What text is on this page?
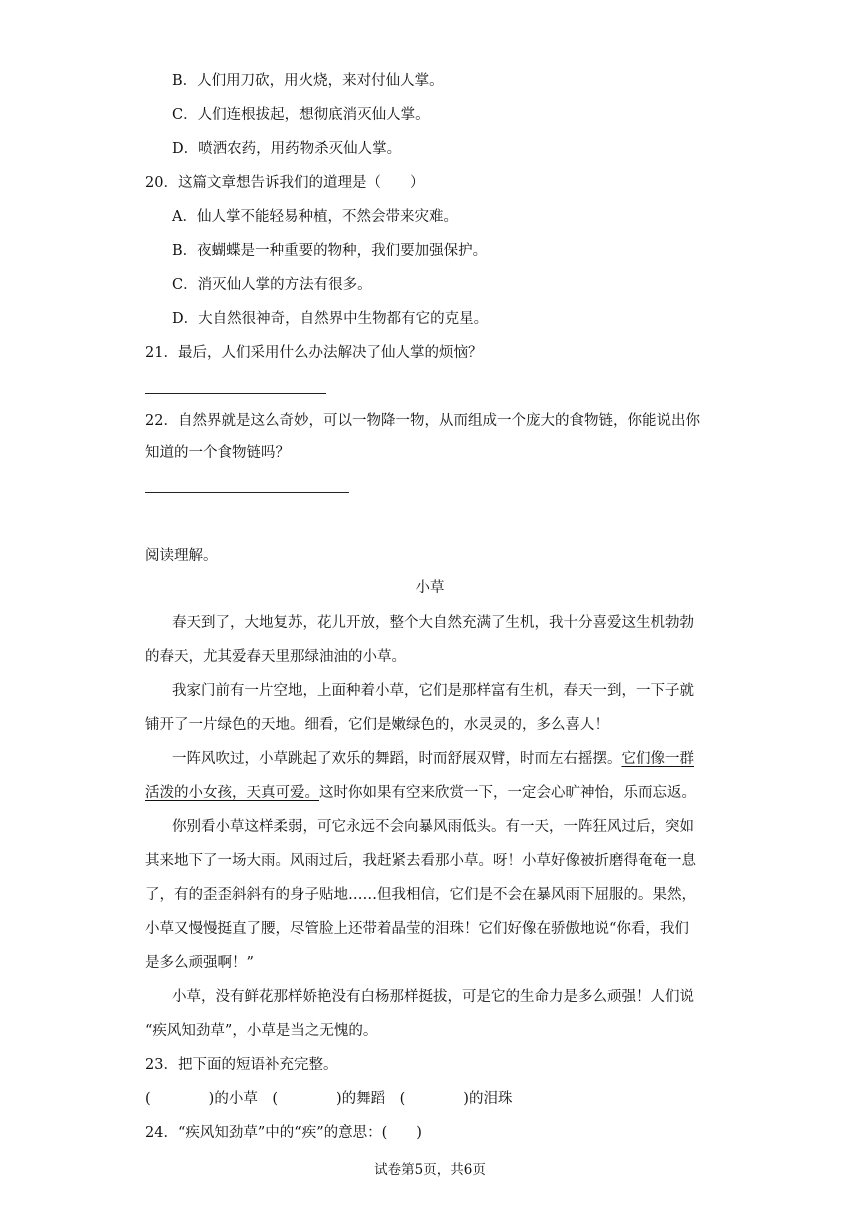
B．人们用刀砍，用火烧，来对付仙人掌。
C．人们连根拔起，想彻底消灭仙人掌。
D．喷洒农药，用药物杀灭仙人掌。
20．这篇文章想告诉我们的道理是（　　）
A．仙人掌不能轻易种植，不然会带来灾难。
B．夜蝴蝶是一种重要的物种，我们要加强保护。
C．消灭仙人掌的方法有很多。
D．大自然很神奇，自然界中生物都有它的克星。
21．最后，人们采用什么办法解决了仙人掌的烦恼？
22．自然界就是这么奇妙，可以一物降一物，从而组成一个庞大的食物链，你能说出你
知道的一个食物链吗？
阅读理解。
小草
春天到了，大地复苏，花儿开放，整个大自然充满了生机，我十分喜爱这生机勃勃
的春天，尤其爱春天里那绿油油的小草。
我家门前有一片空地，上面种着小草，它们是那样富有生机，春天一到，一下子就
铺开了一片绿色的天地。细看，它们是嫩绿色的，水灵灵的，多么喜人！
一阵风吹过，小草跳起了欢乐的舞蹈，时而舒展双臂，时而左右摇摆。它们像一群
活泼的小女孩，天真可爱。这时你如果有空来欣赏一下，一定会心旷神怡，乐而忘返。
你别看小草这样柔弱，可它永远不会向暴风雨低头。有一天，一阵狂风过后，突如
其来地下了一场大雨。风雨过后，我赶紧去看那小草。呀！小草好像被折磨得奄奄一息
了，有的歪歪斜斜有的身子贴地……但我相信，它们是不会在暴风雨下屈服的。果然，
小草又慢慢挺直了腰，尽管脸上还带着晶莹的泪珠！它们好像在骄傲地说“你看，我们
是多么顽强啊！”
小草，没有鲜花那样娇艳没有白杨那样挺拔，可是它的生命力是多么顽强！人们说
“疾风知劲草”，小草是当之无愧的。
23．把下面的短语补充完整。
(　　　　)的小草　(　　　　)的舞蹈　(　　　　)的泪珠
24．“疾风知劲草”中的“疾”的意思：(　　)
试卷第5页，共6页
